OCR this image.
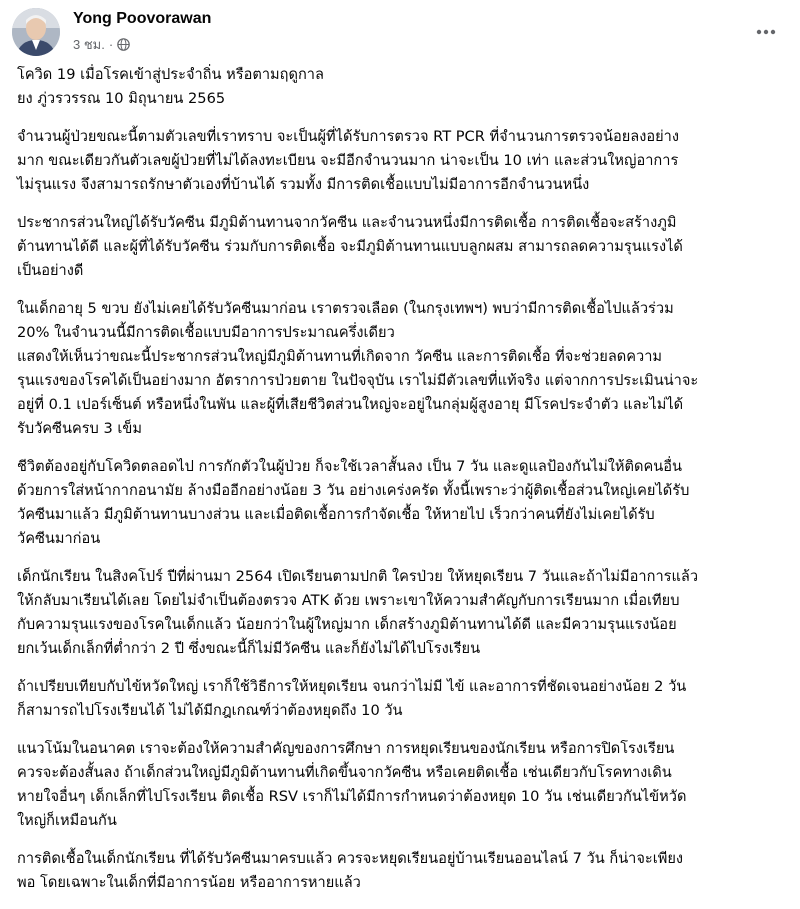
Yong Poovorawan
3 ชม. ·
โควิด 19 เมื่อโรคเข้าสู่ประจำถิ่น หรือตามฤดูกาล
ยง ภู่วรวรรณ 10 มิถุนายน 2565
จำนวนผู้ป่วยขณะนี้ตามตัวเลขที่เราทราบ จะเป็นผู้ที่ได้รับการตรวจ RT PCR ที่จำนวนการตรวจน้อยลงอย่าง
มาก ขณะเดียวกันตัวเลขผู้ป่วยที่ไม่ได้ลงทะเบียน จะมีอีกจำนวนมาก น่าจะเป็น 10 เท่า และส่วนใหญ่อาการ
ไม่รุนแรง จึงสามารถรักษาตัวเองที่บ้านได้ รวมทั้ง มีการติดเชื้อแบบไม่มีอาการอีกจำนวนหนึ่ง
ประชากรส่วนใหญ่ได้รับวัคซีน มีภูมิต้านทานจากวัคซีน และจำนวนหนึ่งมีการติดเชื้อ การติดเชื้อจะสร้างภูมิ
ต้านทานได้ดี และผู้ที่ได้รับวัคซีน ร่วมกับการติดเชื้อ จะมีภูมิต้านทานแบบลูกผสม สามารถลดความรุนแรงได้
เป็นอย่างดี
ในเด็กอายุ 5 ขวบ ยังไม่เคยได้รับวัคซีนมาก่อน เราตรวจเลือด (ในกรุงเทพฯ) พบว่ามีการติดเชื้อไปแล้วร่วม
20% ในจำนวนนี้มีการติดเชื้อแบบมีอาการประมาณครึ่งเดียว
แสดงให้เห็นว่าขณะนี้ประชากรส่วนใหญ่มีภูมิต้านทานที่เกิดจาก วัคซีน และการติดเชื้อ ที่จะช่วยลดความ
รุนแรงของโรคได้เป็นอย่างมาก อัตราการป่วยตาย ในปัจจุบัน เราไม่มีตัวเลขที่แท้จริง แต่จากการประเมินน่าจะ
อยู่ที่ 0.1 เปอร์เซ็นต์ หรือหนึ่งในพัน และผู้ที่เสียชีวิตส่วนใหญ่จะอยู่ในกลุ่มผู้สูงอายุ มีโรคประจำตัว และไม่ได้
รับวัคซีนครบ 3 เข็ม
ชีวิตต้องอยู่กับโควิดตลอดไป การกักตัวในผู้ป่วย ก็จะใช้เวลาสั้นลง เป็น 7 วัน และดูแลป้องกันไม่ให้ติดคนอื่น
ด้วยการใส่หน้ากากอนามัย ล้างมืออีกอย่างน้อย 3 วัน อย่างเคร่งครัด ทั้งนี้เพราะว่าผู้ติดเชื้อส่วนใหญ่เคยได้รับ
วัคซีนมาแล้ว มีภูมิต้านทานบางส่วน และเมื่อติดเชื้อการกำจัดเชื้อ ให้หายไป เร็วกว่าคนที่ยังไม่เคยได้รับ
วัคซีนมาก่อน
เด็กนักเรียน ในสิงคโปร์ ปีที่ผ่านมา 2564 เปิดเรียนตามปกติ ใครป่วย ให้หยุดเรียน 7 วันและถ้าไม่มีอาการแล้ว
ให้กลับมาเรียนได้เลย โดยไม่จำเป็นต้องตรวจ ATK ด้วย เพราะเขาให้ความสำคัญกับการเรียนมาก เมื่อเทียบ
กับความรุนแรงของโรคในเด็กแล้ว น้อยกว่าในผู้ใหญ่มาก เด็กสร้างภูมิต้านทานได้ดี และมีความรุนแรงน้อย
ยกเว้นเด็กเล็กที่ต่ำกว่า 2 ปี ซึ่งขณะนี้ก็ไม่มีวัคซีน และก็ยังไม่ได้ไปโรงเรียน
ถ้าเปรียบเทียบกับไข้หวัดใหญ่ เราก็ใช้วิธีการให้หยุดเรียน จนกว่าไม่มี ไข้ และอาการที่ชัดเจนอย่างน้อย 2 วัน
ก็สามารถไปโรงเรียนได้ ไม่ได้มีกฎเกณฑ์ว่าต้องหยุดถึง 10 วัน
แนวโน้มในอนาคต เราจะต้องให้ความสำคัญของการศึกษา การหยุดเรียนของนักเรียน หรือการปิดโรงเรียน
ควรจะต้องสั้นลง ถ้าเด็กส่วนใหญ่มีภูมิต้านทานที่เกิดขึ้นจากวัคซีน หรือเคยติดเชื้อ เช่นเดียวกับโรคทางเดิน
หายใจอื่นๆ เด็กเล็กที่ไปโรงเรียน ติดเชื้อ RSV เราก็ไม่ได้มีการกำหนดว่าต้องหยุด 10 วัน เช่นเดียวกันไข้หวัด
ใหญ่ก็เหมือนกัน
การติดเชื้อในเด็กนักเรียน ที่ได้รับวัคซีนมาครบแล้ว ควรจะหยุดเรียนอยู่บ้านเรียนออนไลน์ 7 วัน ก็น่าจะเพียง
พอ โดยเฉพาะในเด็กที่มีอาการน้อย หรืออาการหายแล้ว
